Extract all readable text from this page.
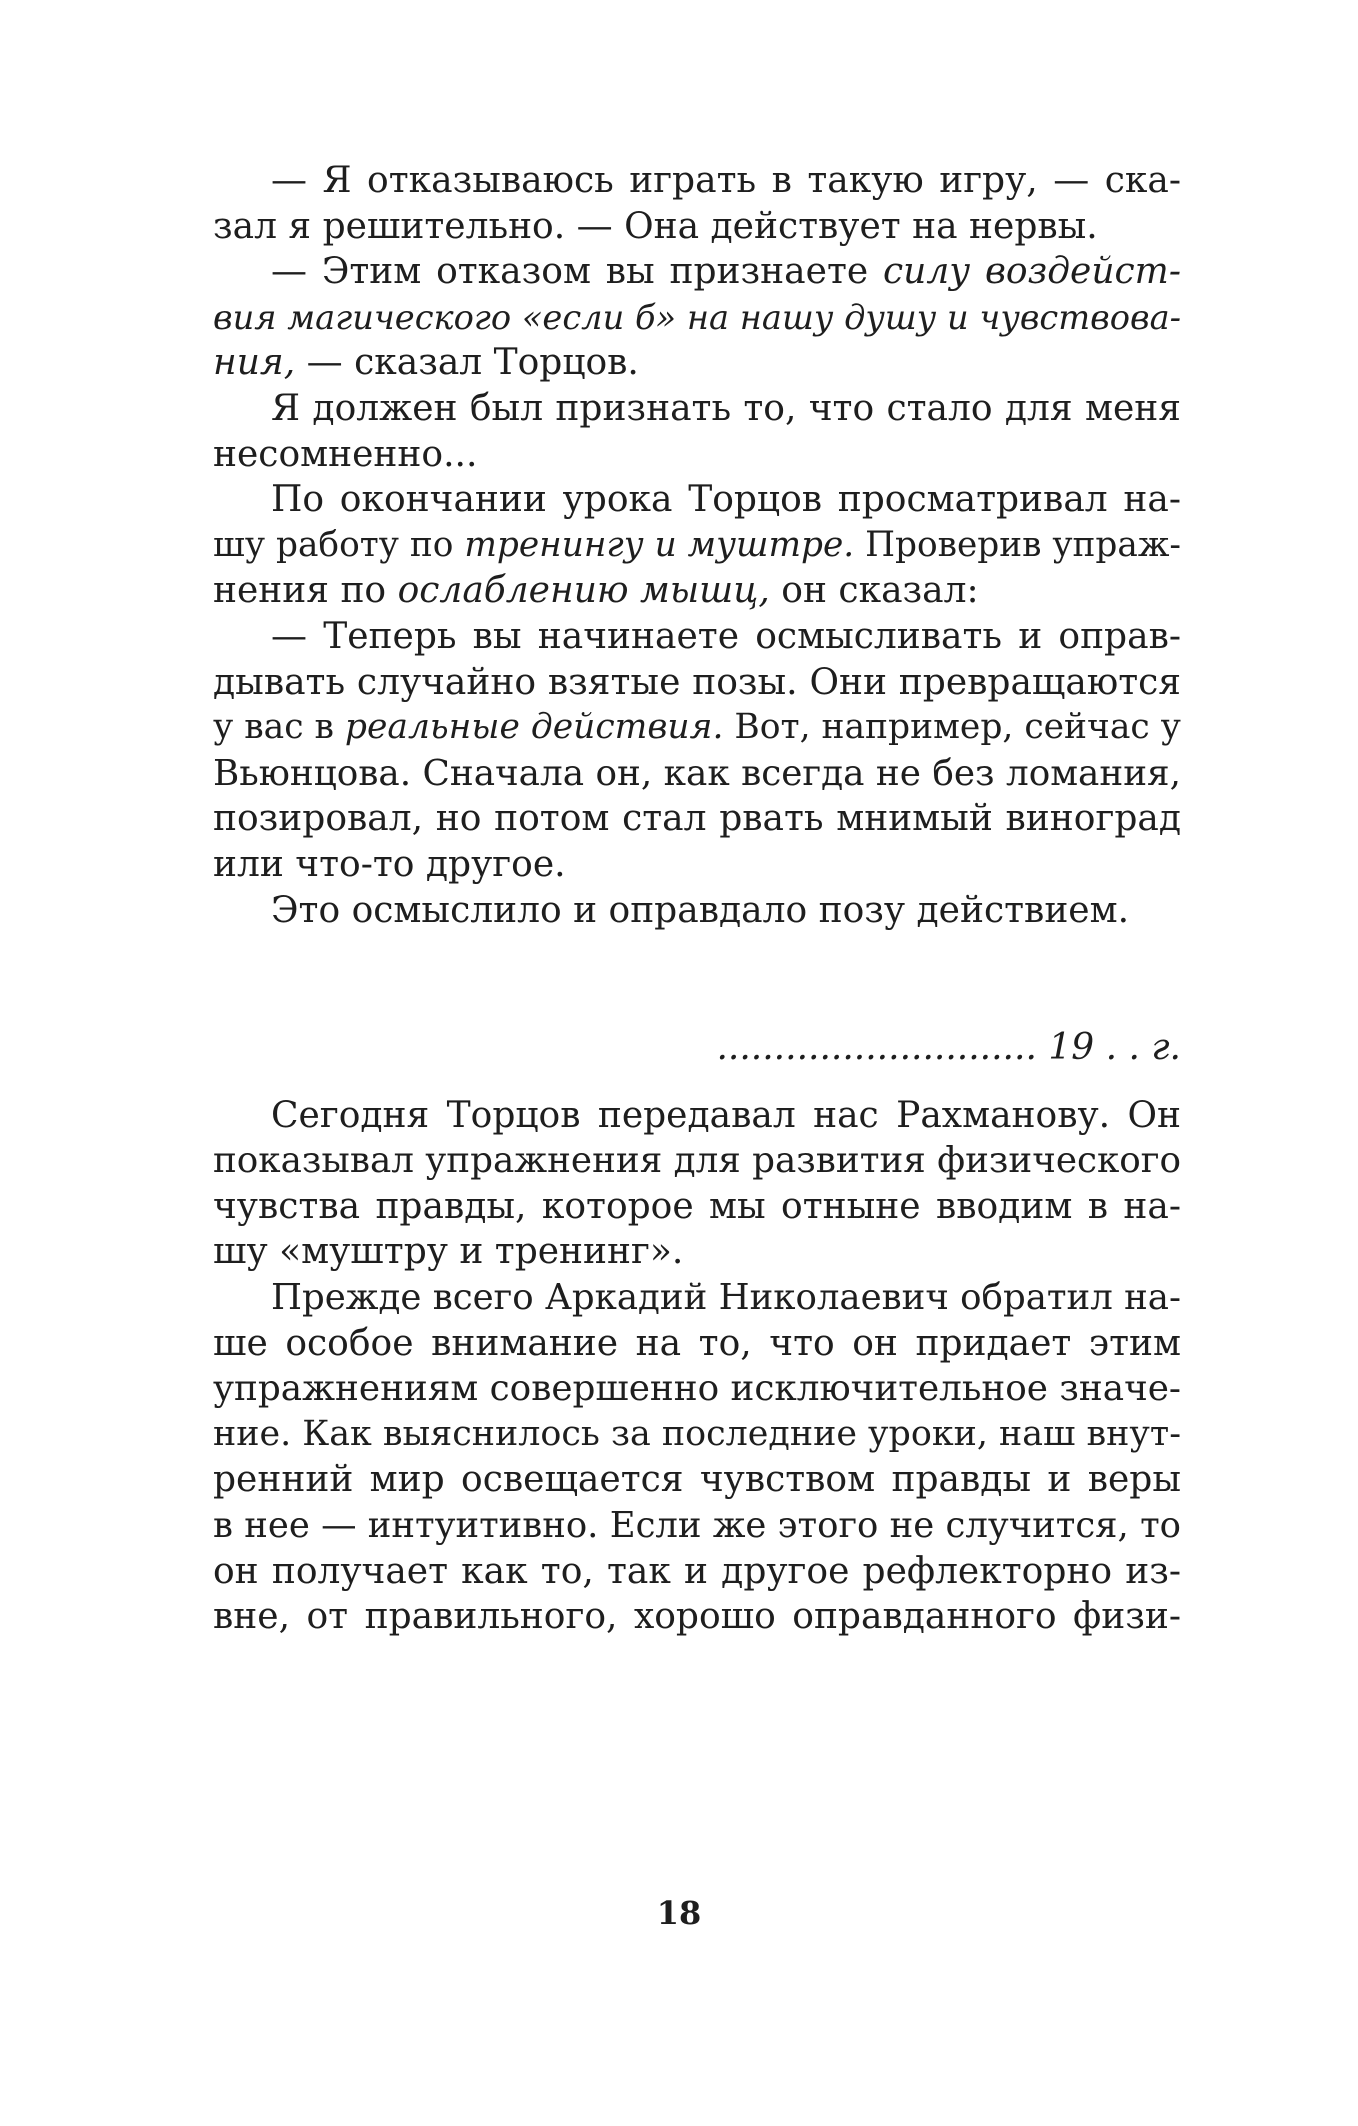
— Я отказываюсь играть в такую игру, — ска-
зал я решительно. — Она действует на нервы.
— Этим отказом вы признаете силу воздейст-
вия магического «если б» на нашу душу и чувствова-
ния, — сказал Торцов.
Я должен был признать то, что стало для меня
несомненно...
По окончании урока Торцов просматривал на-
шу работу по тренингу и муштре. Проверив упраж-
нения по ослаблению мышц, он сказал:
— Теперь вы начинаете осмысливать и оправ-
дывать случайно взятые позы. Они превращаются
у вас в реальные действия. Вот, например, сейчас у
Вьюнцова. Сначала он, как всегда не без ломания,
позировал, но потом стал рвать мнимый виноград
или что-то другое.
Это осмыслило и оправдало позу действием.
............................ 19 . . г.
Сегодня Торцов передавал нас Рахманову. Он
показывал упражнения для развития физического
чувства правды, которое мы отныне вводим в на-
шу «муштру и тренинг».
Прежде всего Аркадий Николаевич обратил на-
ше особое внимание на то, что он придает этим
упражнениям совершенно исключительное значе-
ние. Как выяснилось за последние уроки, наш внут-
ренний мир освещается чувством правды и веры
в нее — интуитивно. Если же этого не случится, то
он получает как то, так и другое рефлекторно из-
вне, от правильного, хорошо оправданного физи-
18
